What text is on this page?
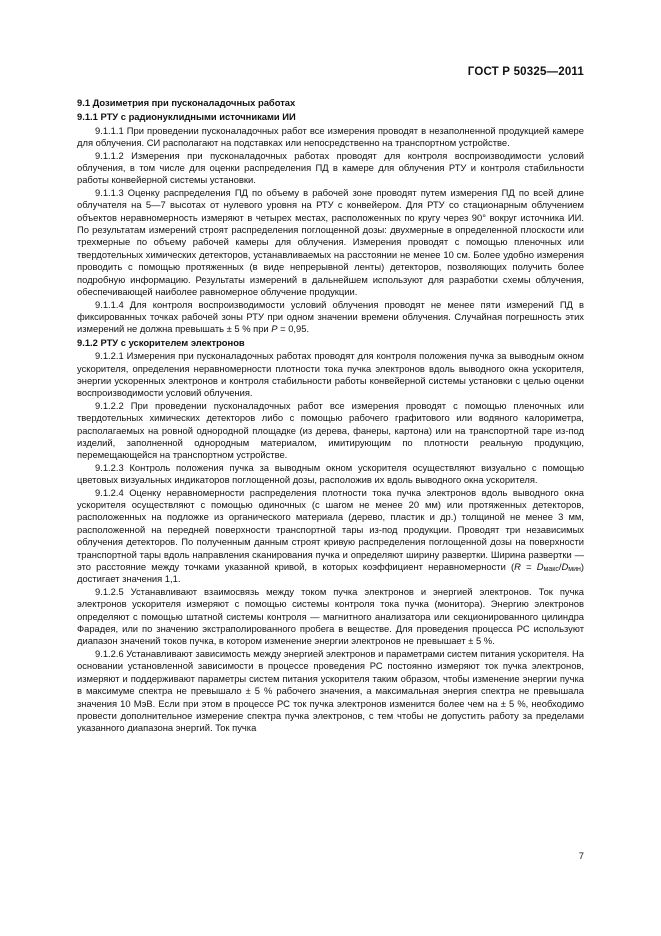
ГОСТ Р 50325—2011

9.1 Дозиметрия при пусконаладочных работах

9.1.1 РТУ с радионуклидными источниками ИИ

9.1.1.1 При проведении пусконаладочных работ все измерения проводят в незаполненной продукцией камере для облучения. СИ располагают на подставках или непосредственно на транспортном устройстве.

9.1.1.2 Измерения при пусконаладочных работах проводят для контроля воспроизводимости условий облучения, в том числе для оценки распределения ПД в камере для облучения РТУ и контроля стабильности работы конвейерной системы установки.

9.1.1.3 Оценку распределения ПД по объему в рабочей зоне проводят путем измерения ПД по всей длине облучателя на 5—7 высотах от нулевого уровня на РТУ с конвейером. Для РТУ со стационарным облучением объектов неравномерность измеряют в четырех местах, расположенных по кругу через 90° вокруг источника ИИ. По результатам измерений строят распределения поглощенной дозы: двухмерные в определенной плоскости или трехмерные по объему рабочей камеры для облучения. Измерения проводят с помощью пленочных или твердотельных химических детекторов, устанавливаемых на расстоянии не менее 10 см. Более удобно измерения проводить с помощью протяженных (в виде непрерывной ленты) детекторов, позволяющих получить более подробную информацию. Результаты измерений в дальнейшем используют для разработки схемы облучения, обеспечивающей наиболее равномерное облучение продукции.

9.1.1.4 Для контроля воспроизводимости условий облучения проводят не менее пяти измерений ПД в фиксированных точках рабочей зоны РТУ при одном значении времени облучения. Случайная погрешность этих измерений не должна превышать ± 5 % при P = 0,95.

9.1.2 РТУ с ускорителем электронов

9.1.2.1 Измерения при пусконаладочных работах проводят для контроля положения пучка за выводным окном ускорителя, определения неравномерности плотности тока пучка электронов вдоль выводного окна ускорителя, энергии ускоренных электронов и контроля стабильности работы конвейерной системы установки с целью оценки воспроизводимости условий облучения.

9.1.2.2 При проведении пусконаладочных работ все измерения проводят с помощью пленочных или твердотельных химических детекторов либо с помощью рабочего графитового или водяного калориметра, располагаемых на ровной однородной площадке (из дерева, фанеры, картона) или на транспортной таре из-под изделий, заполненной однородным материалом, имитирующим по плотности реальную продукцию, перемещающейся на транспортном устройстве.

9.1.2.3 Контроль положения пучка за выводным окном ускорителя осуществляют визуально с помощью цветовых визуальных индикаторов поглощенной дозы, расположив их вдоль выводного окна ускорителя.

9.1.2.4 Оценку неравномерности распределения плотности тока пучка электронов вдоль выводного окна ускорителя осуществляют с помощью одиночных (с шагом не менее 20 мм) или протяженных детекторов, расположенных на подложке из органического материала (дерево, пластик и др.) толщиной не менее 3 мм, расположенной на передней поверхности транспортной тары из-под продукции. Проводят три независимых облучения детекторов. По полученным данным строят кривую распределения поглощенной дозы на поверхности транспортной тары вдоль направления сканирования пучка и определяют ширину развертки. Ширина развертки — это расстояние между точками указанной кривой, в которых коэффициент неравномерности $(R = D_{макс}/D_{мин})$ достигает значения 1,1.

9.1.2.5 Устанавливают взаимосвязь между током пучка электронов и энергией электронов. Ток пучка электронов ускорителя измеряют с помощью системы контроля тока пучка (монитора). Энергию электронов определяют с помощью штатной системы контроля — магнитного анализатора или секционированного цилиндра Фарадея, или по значению экстраполированного пробега в веществе. Для проведения процесса РС используют диапазон значений токов пучка, в котором изменение энергии электронов не превышает ± 5 %.

9.1.2.6 Устанавливают зависимость между энергией электронов и параметрами систем питания ускорителя. На основании установленной зависимости в процессе проведения РС постоянно измеряют ток пучка электронов, измеряют и поддерживают параметры систем питания ускорителя таким образом, чтобы изменение энергии пучка в максимуме спектра не превышало ± 5 % рабочего значения, а максимальная энергия спектра не превышала значения 10 МэВ. Если при этом в процессе РС ток пучка электронов изменится более чем на ± 5 %, необходимо провести дополнительное измерение спектра пучка электронов, с тем чтобы не допустить работу за пределами указанного диапазона энергий. Ток пучка

7
